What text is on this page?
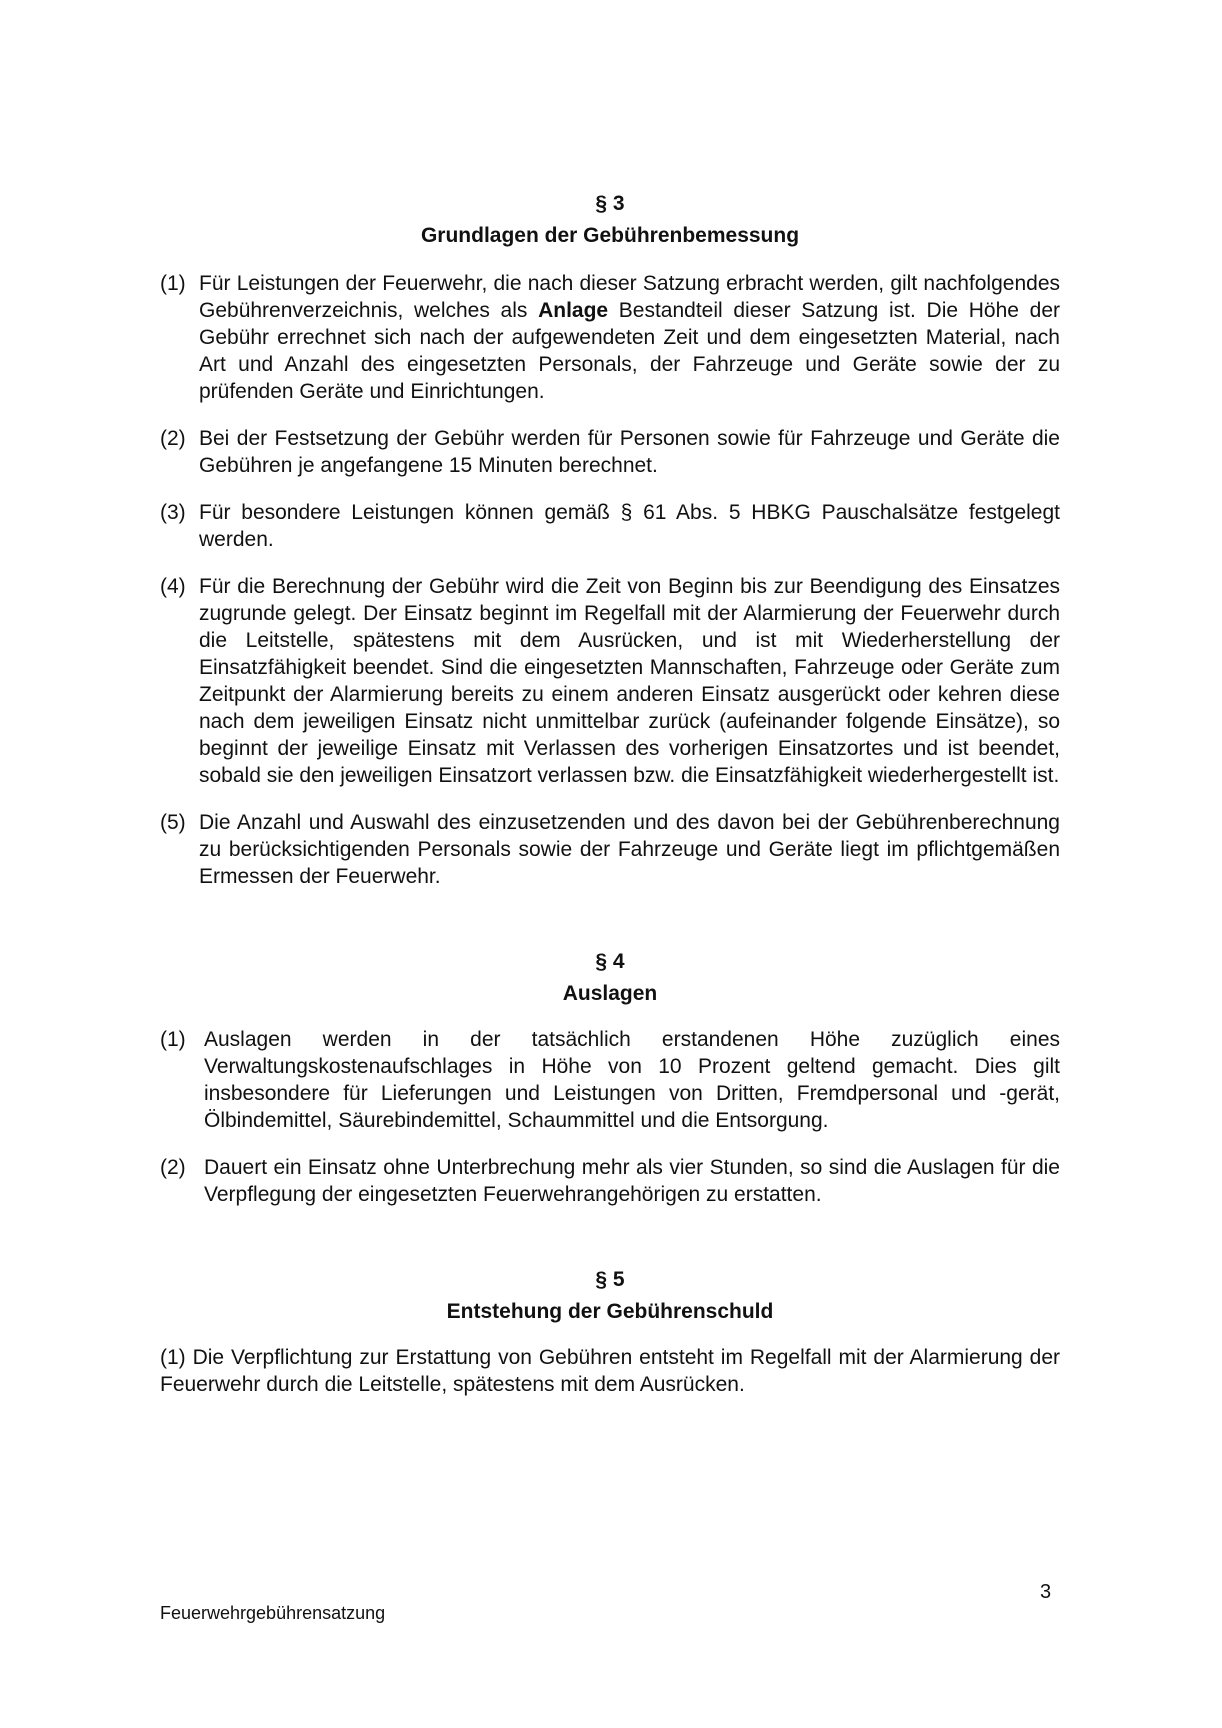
§ 3
Grundlagen der Gebührenbemessung

(1) Für Leistungen der Feuerwehr, die nach dieser Satzung erbracht werden, gilt nachfolgendes Gebührenverzeichnis, welches als Anlage Bestandteil dieser Satzung ist. Die Höhe der Gebühr errechnet sich nach der aufgewendeten Zeit und dem eingesetzten Material, nach Art und Anzahl des eingesetzten Personals, der Fahrzeuge und Geräte sowie der zu prüfenden Geräte und Einrichtungen.

(2) Bei der Festsetzung der Gebühr werden für Personen sowie für Fahrzeuge und Geräte die Gebühren je angefangene 15 Minuten berechnet.

(3) Für besondere Leistungen können gemäß § 61 Abs. 5 HBKG Pauschalsätze festgelegt werden.

(4) Für die Berechnung der Gebühr wird die Zeit von Beginn bis zur Beendigung des Einsatzes zugrunde gelegt. Der Einsatz beginnt im Regelfall mit der Alarmierung der Feuerwehr durch die Leitstelle, spätestens mit dem Ausrücken, und ist mit Wiederherstellung der Einsatzfähigkeit beendet. Sind die eingesetzten Mannschaften, Fahrzeuge oder Geräte zum Zeitpunkt der Alarmierung bereits zu einem anderen Einsatz ausgerückt oder kehren diese nach dem jeweiligen Einsatz nicht unmittelbar zurück (aufeinander folgende Einsätze), so beginnt der jeweilige Einsatz mit Verlassen des vorherigen Einsatzortes und ist beendet, sobald sie den jeweiligen Einsatzort verlassen bzw. die Einsatzfähigkeit wiederhergestellt ist.

(5) Die Anzahl und Auswahl des einzusetzenden und des davon bei der Gebührenberechnung zu berücksichtigenden Personals sowie der Fahrzeuge und Geräte liegt im pflichtgemäßen Ermessen der Feuerwehr.

§ 4
Auslagen

(1) Auslagen werden in der tatsächlich erstandenen Höhe zuzüglich eines Verwaltungskostenaufschlages in Höhe von 10 Prozent geltend gemacht. Dies gilt insbesondere für Lieferungen und Leistungen von Dritten, Fremdpersonal und -gerät, Ölbindemittel, Säurebindemittel, Schaummittel und die Entsorgung.

(2) Dauert ein Einsatz ohne Unterbrechung mehr als vier Stunden, so sind die Auslagen für die Verpflegung der eingesetzten Feuerwehrangehörigen zu erstatten.

§ 5
Entstehung der Gebührenschuld

(1) Die Verpflichtung zur Erstattung von Gebühren entsteht im Regelfall mit der Alarmierung der Feuerwehr durch die Leitstelle, spätestens mit dem Ausrücken.

3
Feuerwehrgebührensatzung
